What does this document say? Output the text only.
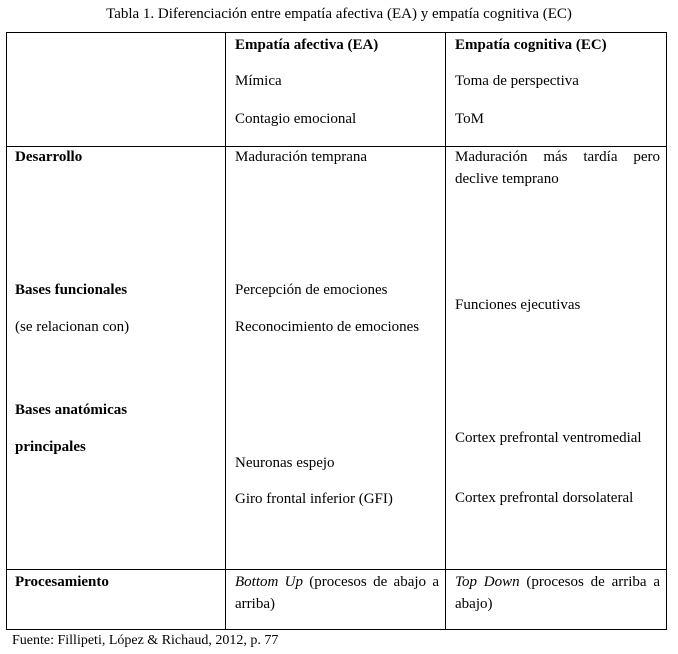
Tabla 1. Diferenciación entre empatía afectiva (EA) y empatía cognitiva (EC)

Empatía afectiva (EA)

Mímica

Contagio emocional

Empatía cognitiva (EC)

Toma de perspectiva

ToM

Desarrollo

Bases funcionales

(se relacionan con)

Bases anatómicas

principales

Procesamiento

Maduración temprana

Percepción de emociones

Reconocimiento de emociones

Neuronas espejo

Giro frontal inferior (GFI)

Bottom Up (procesos de abajo a arriba)

Maduración más tardía pero declive temprano

Funciones ejecutivas

Cortex prefrontal ventromedial

Cortex prefrontal dorsolateral

Top Down (procesos de arriba a abajo)

Fuente: Fillipeti, López & Richaud, 2012, p. 77
